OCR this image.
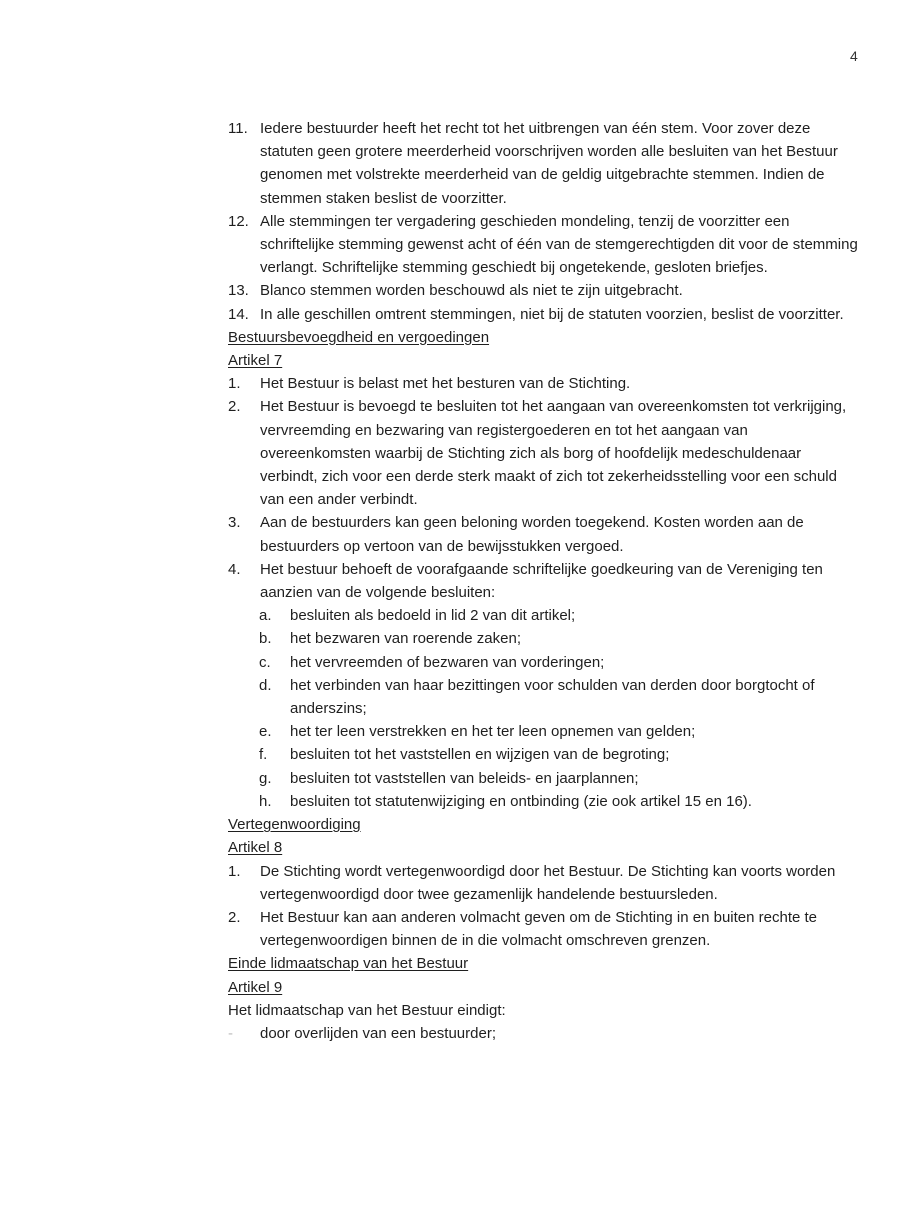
4
11. Iedere bestuurder heeft het recht tot het uitbrengen van één stem. Voor zover deze statuten geen grotere meerderheid voorschrijven worden alle besluiten van het Bestuur genomen met volstrekte meerderheid van de geldig uitgebrachte stemmen. Indien de stemmen staken beslist de voorzitter.
12. Alle stemmingen ter vergadering geschieden mondeling, tenzij de voorzitter een schriftelijke stemming gewenst acht of één van de stemgerechtigden dit voor de stemming verlangt. Schriftelijke stemming geschiedt bij ongetekende, gesloten briefjes.
13. Blanco stemmen worden beschouwd als niet te zijn uitgebracht.
14. In alle geschillen omtrent stemmingen, niet bij de statuten voorzien, beslist de voorzitter.
Bestuursbevoegdheid en vergoedingen
Artikel 7
1. Het Bestuur is belast met het besturen van de Stichting.
2. Het Bestuur is bevoegd te besluiten tot het aangaan van overeenkomsten tot verkrijging, vervreemding en bezwaring van registergoederen en tot het aangaan van overeenkomsten waarbij de Stichting zich als borg of hoofdelijk medeschuldenaar verbindt, zich voor een derde sterk maakt of zich tot zekerheidsstelling voor een schuld van een ander verbindt.
3. Aan de bestuurders kan geen beloning worden toegekend. Kosten worden aan de bestuurders op vertoon van de bewijsstukken vergoed.
4. Het bestuur behoeft de voorafgaande schriftelijke goedkeuring van de Vereniging ten aanzien van de volgende besluiten:
a. besluiten als bedoeld in lid 2 van dit artikel;
b. het bezwaren van roerende zaken;
c. het vervreemden of bezwaren van vorderingen;
d. het verbinden van haar bezittingen voor schulden van derden door borgtocht of anderszins;
e. het ter leen verstrekken en het ter leen opnemen van gelden;
f. besluiten tot het vaststellen en wijzigen van de begroting;
g. besluiten tot vaststellen van beleids- en jaarplannen;
h. besluiten tot statutenwijziging en ontbinding (zie ook artikel 15 en 16).
Vertegenwoordiging
Artikel 8
1. De Stichting wordt vertegenwoordigd door het Bestuur. De Stichting kan voorts worden vertegenwoordigd door twee gezamenlijk handelende bestuursleden.
2. Het Bestuur kan aan anderen volmacht geven om de Stichting in en buiten rechte te vertegenwoordigen binnen de in die volmacht omschreven grenzen.
Einde lidmaatschap van het Bestuur
Artikel 9
Het lidmaatschap van het Bestuur eindigt:
- door overlijden van een bestuurder;
